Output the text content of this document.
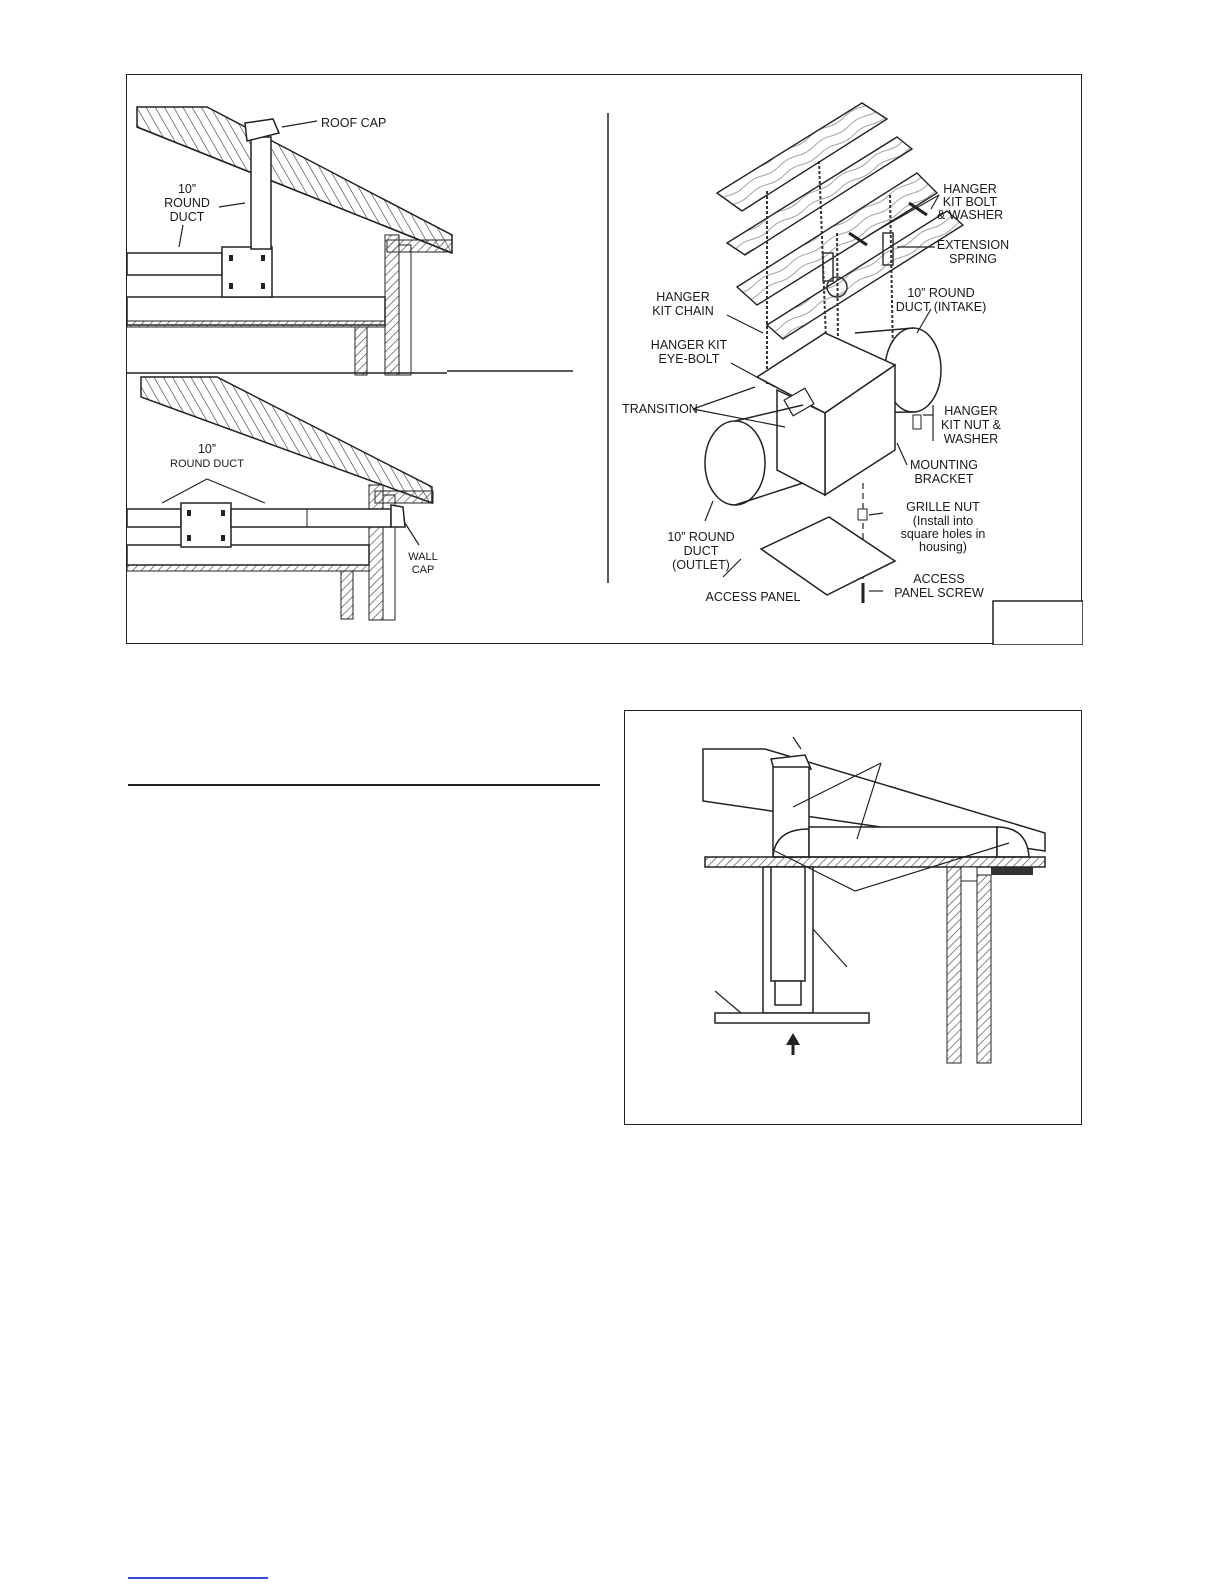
ROOF CAP
10”
ROUND
DUCT
10”
ROUND DUCT
WALL
CAP
HANGER
KIT BOLT
& WASHER
EXTENSION
SPRING
10” ROUND
DUCT (INTAKE)
HANGER
KIT CHAIN
HANGER KIT
EYE-BOLT
TRANSITION	HANGER
KIT NUT &
WASHER
MOUNTING
BRACKET
10” ROUND
DUCT
(OUTLET)
GRILLE NUT
(Install into
square holes in
housing)
ACCESS PANEL
ACCESS
PANEL SCREW
